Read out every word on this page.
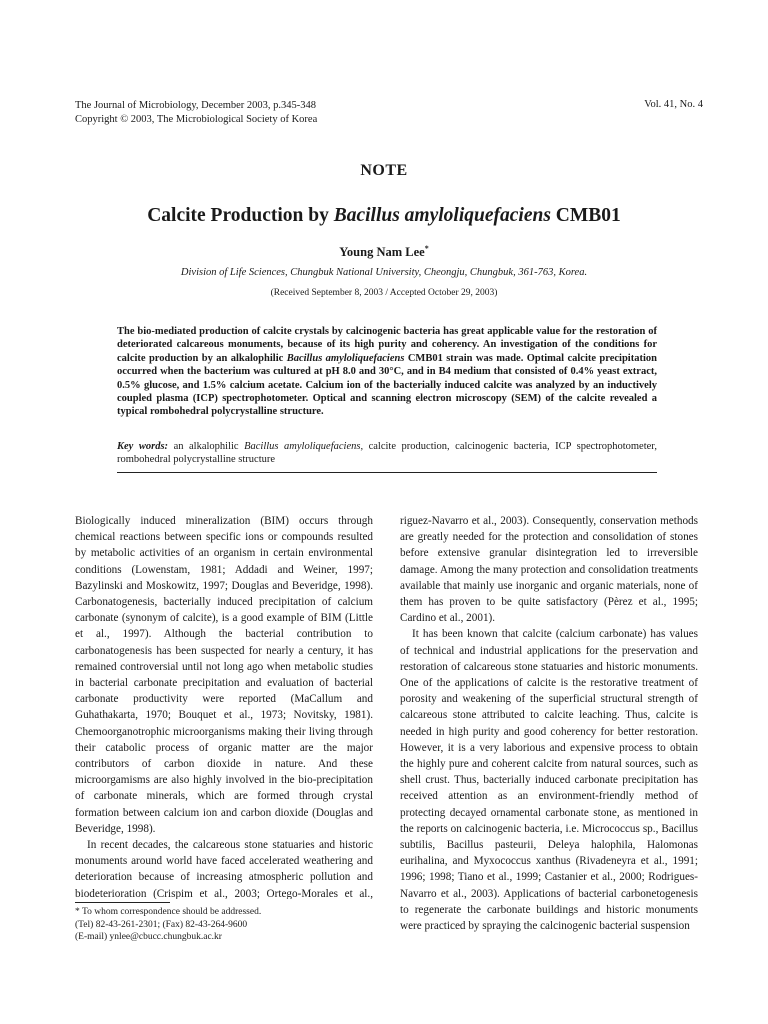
The Journal of Microbiology, December 2003, p.345-348
Copyright © 2003, The Microbiological Society of Korea
Vol. 41, No. 4
NOTE
Calcite Production by Bacillus amyloliquefaciens CMB01
Young Nam Lee*
Division of Life Sciences, Chungbuk National University, Cheongju, Chungbuk, 361-763, Korea.
(Received September 8, 2003 / Accepted October 29, 2003)
The bio-mediated production of calcite crystals by calcinogenic bacteria has great applicable value for the restoration of deteriorated calcareous monuments, because of its high purity and coherency. An investigation of the conditions for calcite production by an alkalophilic Bacillus amyloliquefaciens CMB01 strain was made. Optimal calcite precipitation occurred when the bacterium was cultured at pH 8.0 and 30°C, and in B4 medium that consisted of 0.4% yeast extract, 0.5% glucose, and 1.5% calcium acetate. Calcium ion of the bacterially induced calcite was analyzed by an inductively coupled plasma (ICP) spectrophotometer. Optical and scanning electron microscopy (SEM) of the calcite revealed a typical rombohedral polycrystalline structure.
Key words: an alkalophilic Bacillus amyloliquefaciens, calcite production, calcinogenic bacteria, ICP spectrophotometer, rombohedral polycrystalline structure

Biologically induced mineralization (BIM) occurs through chemical reactions between specific ions or compounds resulted by metabolic activities of an organism in certain environmental conditions (Lowenstam, 1981; Addadi and Weiner, 1997; Bazylinski and Moskowitz, 1997; Douglas and Beveridge, 1998). Carbonatogenesis, bacterially induced precipitation of calcium carbonate (synonym of calcite), is a good example of BIM (Little et al., 1997). Although the bacterial contribution to carbonatogenesis has been suspected for nearly a century, it has remained controversial until not long ago when metabolic studies in bacterial carbonate precipitation and evaluation of bacterial carbonate productivity were reported (MaCallum and Guhathakarta, 1970; Bouquet et al., 1973; Novitsky, 1981). Chemoorganotrophic microorganisms making their living through their catabolic process of organic matter are the major contributors of carbon dioxide in nature. And these microorgamisms are also highly involved in the bio-precipitation of carbonate minerals, which are formed through crystal formation between calcium ion and carbon dioxide (Douglas and Beveridge, 1998).

In recent decades, the calcareous stone statuaries and historic monuments around world have faced accelerated weathering and deterioration because of increasing atmospheric pollution and biodeterioration (Crispim et al., 2003; Ortego-Morales et al.,

riguez-Navarro et al., 2003). Consequently, conservation methods are greatly needed for the protection and consolidation of stones before extensive granular disintegration led to irreversible damage. Among the many protection and consolidation treatments available that mainly use inorganic and organic materials, none of them has proven to be quite satisfactory (Pèrez et al., 1995; Cardino et al., 2001).

It has been known that calcite (calcium carbonate) has values of technical and industrial applications for the preservation and restoration of calcareous stone statuaries and historic monuments. One of the applications of calcite is the restorative treatment of porosity and weakening of the superficial structural strength of calcareous stone attributed to calcite leaching. Thus, calcite is needed in high purity and good coherency for better restoration. However, it is a very laborious and expensive process to obtain the highly pure and coherent calcite from natural sources, such as shell crust. Thus, bacterially induced carbonate precipitation has received attention as an environment-friendly method of protecting decayed ornamental carbonate stone, as mentioned in the reports on calcinogenic bacteria, i.e. Micrococcus sp., Bacillus subtilis, Bacillus pasteurii, Deleya halophila, Halomonas eurihalina, and Myxococcus xanthus (Rivadeneyra et al., 1991; 1996; 1998; Tiano et al., 1999; Castanier et al., 2000; Rodrigues-Navarro et al., 2003). Applications of bacterial carbonetogenesis to regenerate the carbonate buildings and historic monuments were practiced by spraying the calcinogenic bacterial suspension

* To whom correspondence should be addressed.
(Tel) 82-43-261-2301; (Fax) 82-43-264-9600
(E-mail) ynlee@cbucc.chungbuk.ac.kr
